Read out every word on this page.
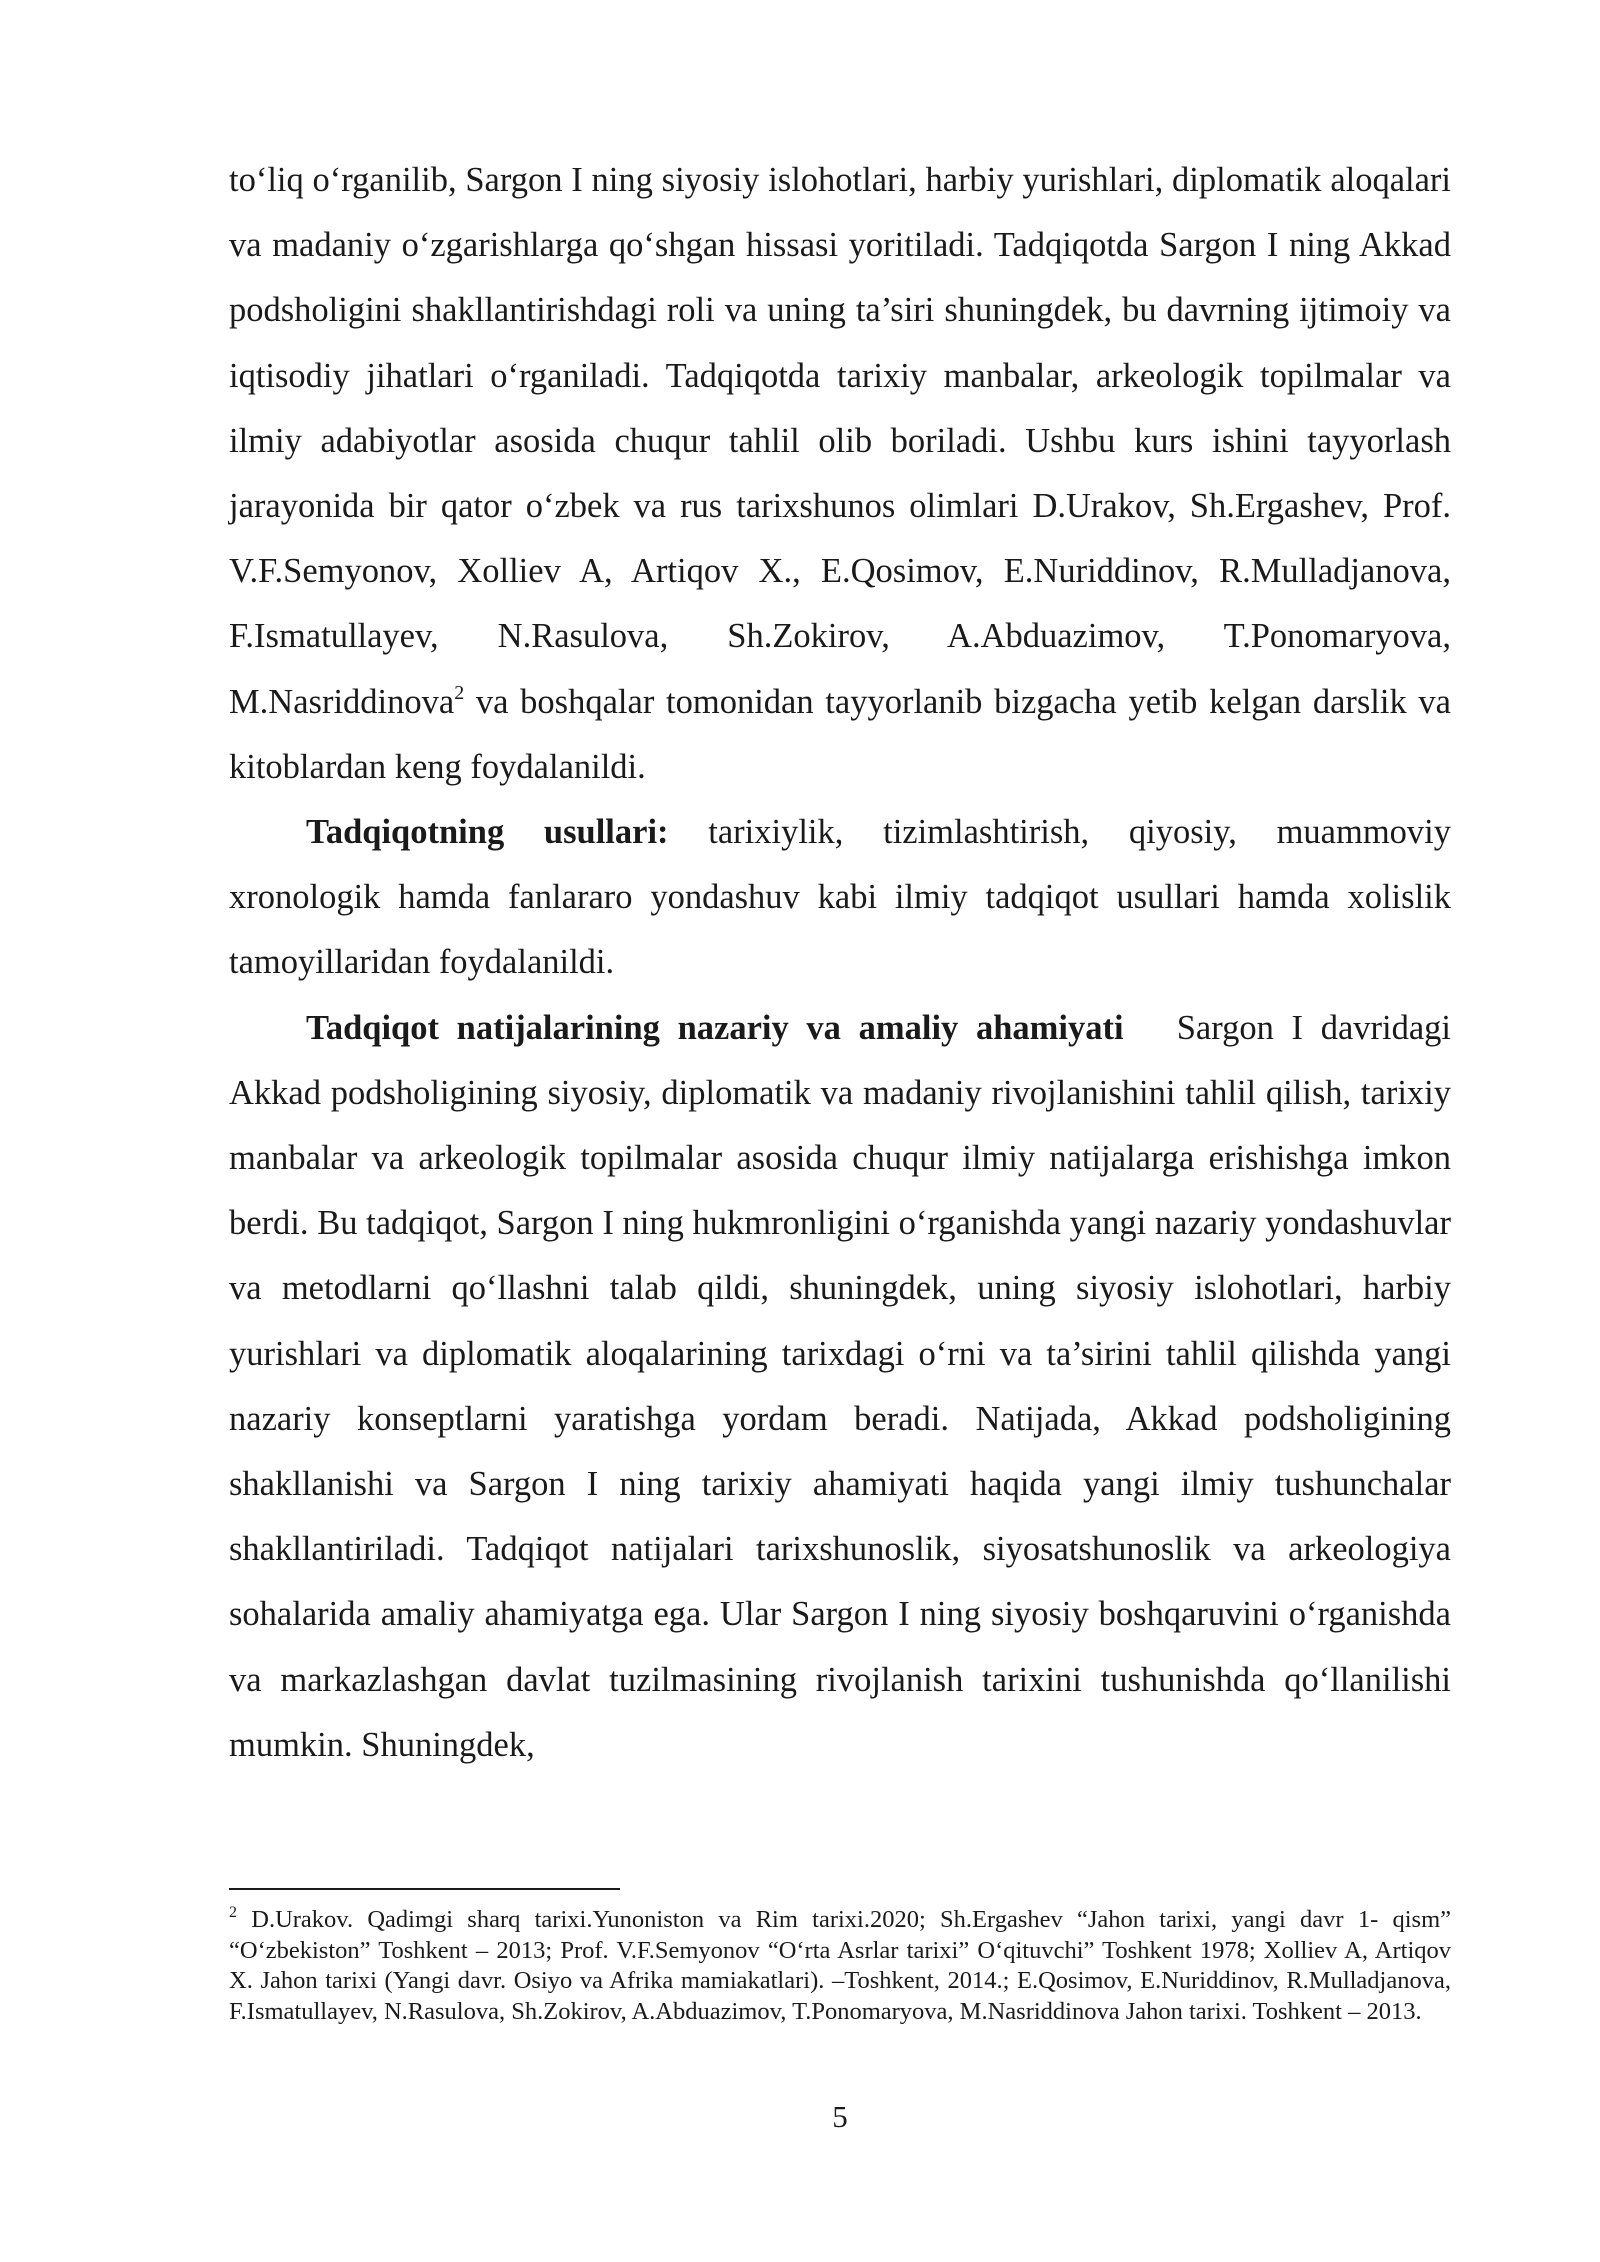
to‘liq o‘rganilib, Sargon I ning siyosiy islohotlari, harbiy yurishlari, diplomatik aloqalari va madaniy o‘zgarishlarga qo‘shgan hissasi yoritiladi. Tadqiqotda Sargon I ning Akkad podsholigini shakllantirishdagi roli va uning ta’siri shuningdek, bu davrning ijtimoiy va iqtisodiy jihatlari o‘rganiladi. Tadqiqotda tarixiy manbalar, arkeologik topilmalar va ilmiy adabiyotlar asosida chuqur tahlil olib boriladi. Ushbu kurs ishini tayyorlash jarayonida bir qator o‘zbek va rus tarixshunos olimlari D.Urakov, Sh.Ergashev, Prof. V.F.Semyonov, Xolliev A, Artiqov X., E.Qosimov, E.Nuriddinov, R.Mulladjanova, F.Ismatullayev, N.Rasulova, Sh.Zokirov, A.Abduazimov, T.Ponomaryova, M.Nasriddinova$^2$ va boshqalar tomonidan tayyorlanib bizgacha yetib kelgan darslik va kitoblardan keng foydalanildi.

Tadqiqotning usullari: tarixiylik, tizimlashtirish, qiyosiy, muammoviy xronologik hamda fanlararo yondashuv kabi ilmiy tadqiqot usullari hamda xolislik tamoyillaridan foydalanildi.

Tadqiqot natijalarining nazariy va amaliy ahamiyati   Sargon I davridagi Akkad podsholigining siyosiy, diplomatik va madaniy rivojlanishini tahlil qilish, tarixiy manbalar va arkeologik topilmalar asosida chuqur ilmiy natijalarga erishishga imkon berdi. Bu tadqiqot, Sargon I ning hukmronligini o‘rganishda yangi nazariy yondashuvlar va metodlarni qo‘llashni talab qildi, shuningdek, uning siyosiy islohotlari, harbiy yurishlari va diplomatik aloqalarining tarixdagi o‘rni va ta’sirini tahlil qilishda yangi nazariy konseptlarni yaratishga yordam beradi. Natijada, Akkad podsholigining shakllanishi va Sargon I ning tarixiy ahamiyati haqida yangi ilmiy tushunchalar shakllantiriladi. Tadqiqot natijalari tarixshunoslik, siyosatshunoslik va arkeologiya sohalarida amaliy ahamiyatga ega. Ular Sargon I ning siyosiy boshqaruvini o‘rganishda va markazlashgan davlat tuzilmasining rivojlanish tarixini tushunishda qo‘llanilishi mumkin. Shuningdek,

$^2$ D.Urakov. Qadimgi sharq tarixi.Yunoniston va Rim tarixi.2020; Sh.Ergashev “Jahon tarixi, yangi davr 1- qism” “O‘zbekiston” Toshkent – 2013; Prof. V.F.Semyonov “O‘rta Asrlar tarixi” O‘qituvchi” Toshkent 1978; Xolliev A, Artiqov X. Jahon tarixi (Yangi davr. Osiyo va Afrika mamiakatlari). –Toshkent, 2014.; E.Qosimov, E.Nuriddinov, R.Mulladjanova, F.Ismatullayev, N.Rasulova, Sh.Zokirov, A.Abduazimov, T.Ponomaryova, M.Nasriddinova Jahon tarixi. Toshkent – 2013.

5
